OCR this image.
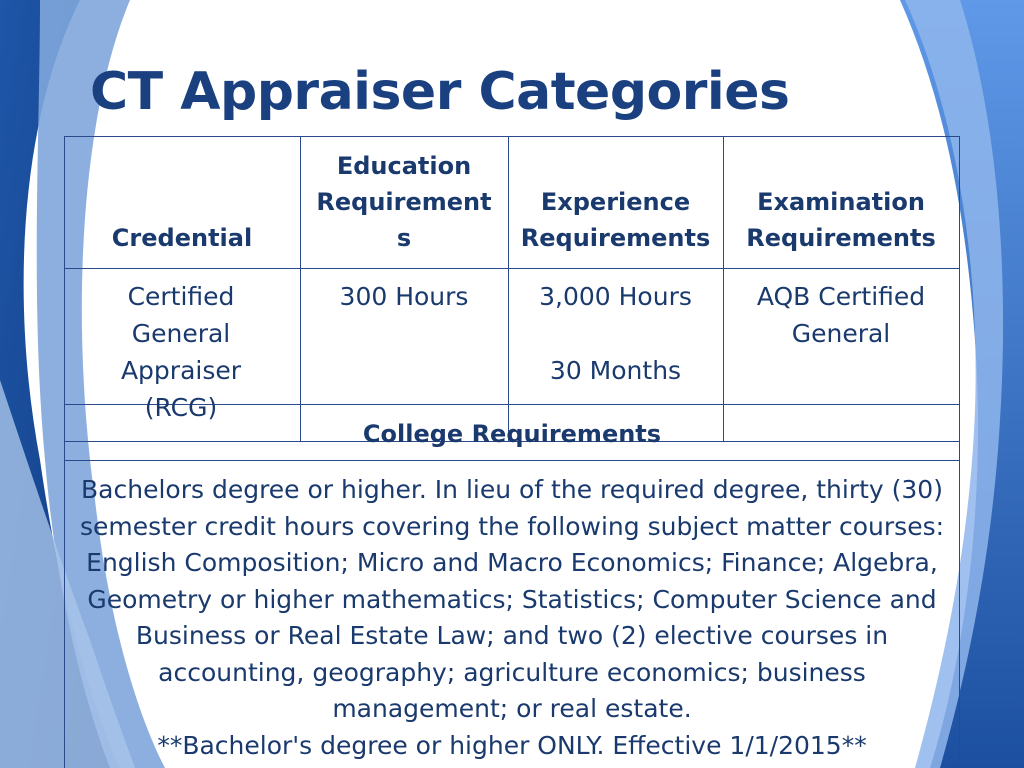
CT Appraiser Categories
Credential
Education Requirement s
Experience Requirements
Examination Requirements
Certified General Appraiser (RCG)
300 Hours	3,000 Hours
30 Months
AQB Certified General
College Requirements
Bachelors degree or higher. In lieu of the required degree, thirty (30) semester credit hours covering the following subject matter courses: English Composition; Micro and Macro Economics; Finance; Algebra, Geometry or higher mathematics; Statistics; Computer Science and Business or Real Estate Law; and two (2) elective courses in accounting, geography; agriculture economics; business management; or real estate.
**Bachelor's degree or higher ONLY. Effective 1/1/2015**
